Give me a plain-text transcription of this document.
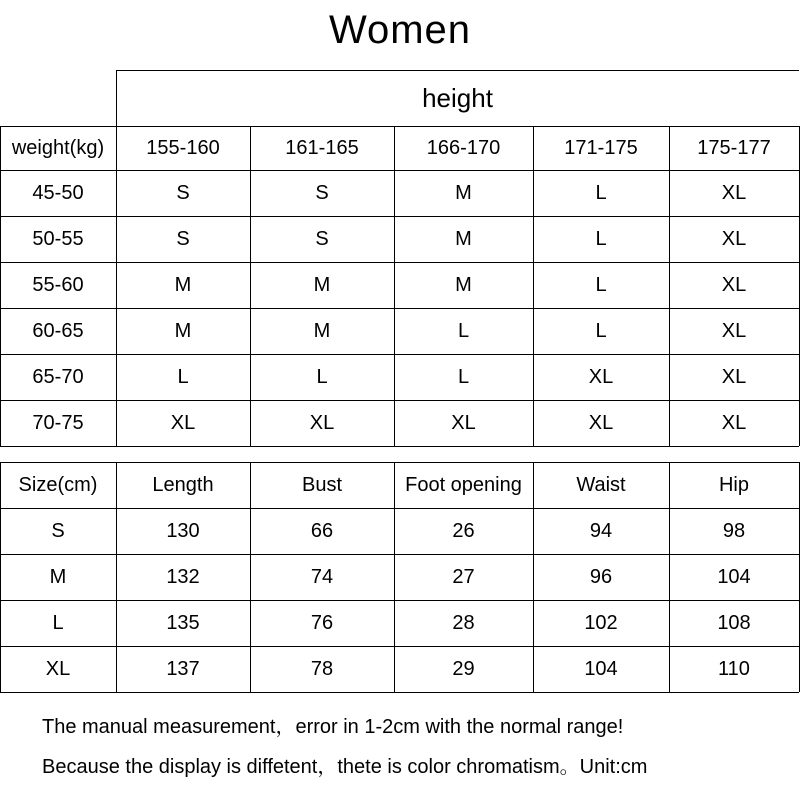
Women
height
weight(kg)	155-160	161-165	166-170	171-175	175-177
45-50	S	S	M	L	XL
50-55	S	S	M	L	XL
55-60	M	M	M	L	XL
60-65	M	M	L	L	XL
65-70	L	L	L	XL	XL
70-75	XL	XL	XL	XL	XL
Size(cm)	Length	Bust	Foot opening	Waist	Hip
S	130	66	26	94	98
M	132	74	27	96	104
L	135	76	28	102	108
XL	137	78	29	104	110
The manual measurement，error in 1-2cm with the normal range!
Because the display is diffetent，thete is color chromatism。Unit:cm
